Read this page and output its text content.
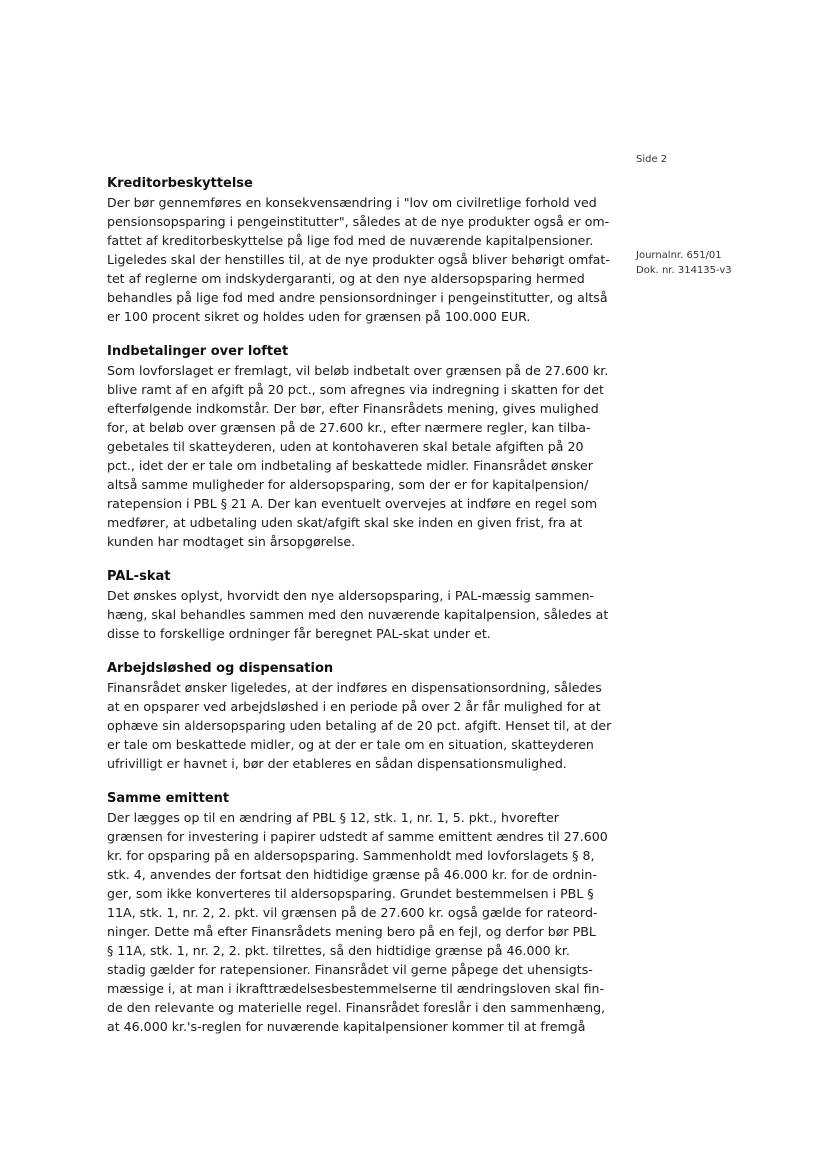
Side 2
Journalnr. 651/01
Dok. nr. 314135-v3
Kreditorbeskyttelse
Der bør gennemføres en konsekvensændring i "lov om civilretlige forhold ved
pensionsopsparing i pengeinstitutter", således at de nye produkter også er om-
fattet af kreditorbeskyttelse på lige fod med de nuværende kapitalpensioner.
Ligeledes skal der henstilles til, at de nye produkter også bliver behørigt omfat-
tet af reglerne om indskydergaranti, og at den nye aldersopsparing hermed
behandles på lige fod med andre pensionsordninger i pengeinstitutter, og altså
er 100 procent sikret og holdes uden for grænsen på 100.000 EUR.
Indbetalinger over loftet
Som lovforslaget er fremlagt, vil beløb indbetalt over grænsen på de 27.600 kr.
blive ramt af en afgift på 20 pct., som afregnes via indregning i skatten for det
efterfølgende indkomstår. Der bør, efter Finansrådets mening, gives mulighed
for, at beløb over grænsen på de 27.600 kr., efter nærmere regler, kan tilba-
gebetales til skatteyderen, uden at kontohaveren skal betale afgiften på 20
pct., idet der er tale om indbetaling af beskattede midler. Finansrådet ønsker
altså samme muligheder for aldersopsparing, som der er for kapitalpension/
ratepension i PBL § 21 A. Der kan eventuelt overvejes at indføre en regel som
medfører, at udbetaling uden skat/afgift skal ske inden en given frist, fra at
kunden har modtaget sin årsopgørelse.
PAL-skat
Det ønskes oplyst, hvorvidt den nye aldersopsparing, i PAL-mæssig sammen-
hæng, skal behandles sammen med den nuværende kapitalpension, således at
disse to forskellige ordninger får beregnet PAL-skat under et.
Arbejdsløshed og dispensation
Finansrådet ønsker ligeledes, at der indføres en dispensationsordning, således
at en opsparer ved arbejdsløshed i en periode på over 2 år får mulighed for at
ophæve sin aldersopsparing uden betaling af de 20 pct. afgift. Henset til, at der
er tale om beskattede midler, og at der er tale om en situation, skatteyderen
ufrivilligt er havnet i, bør der etableres en sådan dispensationsmulighed.
Samme emittent
Der lægges op til en ændring af PBL § 12, stk. 1, nr. 1, 5. pkt., hvorefter
grænsen for investering i papirer udstedt af samme emittent ændres til 27.600
kr. for opsparing på en aldersopsparing. Sammenholdt med lovforslagets § 8,
stk. 4, anvendes der fortsat den hidtidige grænse på 46.000 kr. for de ordnin-
ger, som ikke konverteres til aldersopsparing. Grundet bestemmelsen i PBL §
11A, stk. 1, nr. 2, 2. pkt. vil grænsen på de 27.600 kr. også gælde for rateord-
ninger. Dette må efter Finansrådets mening bero på en fejl, og derfor bør PBL
§ 11A, stk. 1, nr. 2, 2. pkt. tilrettes, så den hidtidige grænse på 46.000 kr.
stadig gælder for ratepensioner. Finansrådet vil gerne påpege det uhensigts-
mæssige i, at man i ikrafttrædelsesbestemmelserne til ændringsloven skal fin-
de den relevante og materielle regel. Finansrådet foreslår i den sammenhæng,
at 46.000 kr.'s-reglen for nuværende kapitalpensioner kommer til at fremgå
